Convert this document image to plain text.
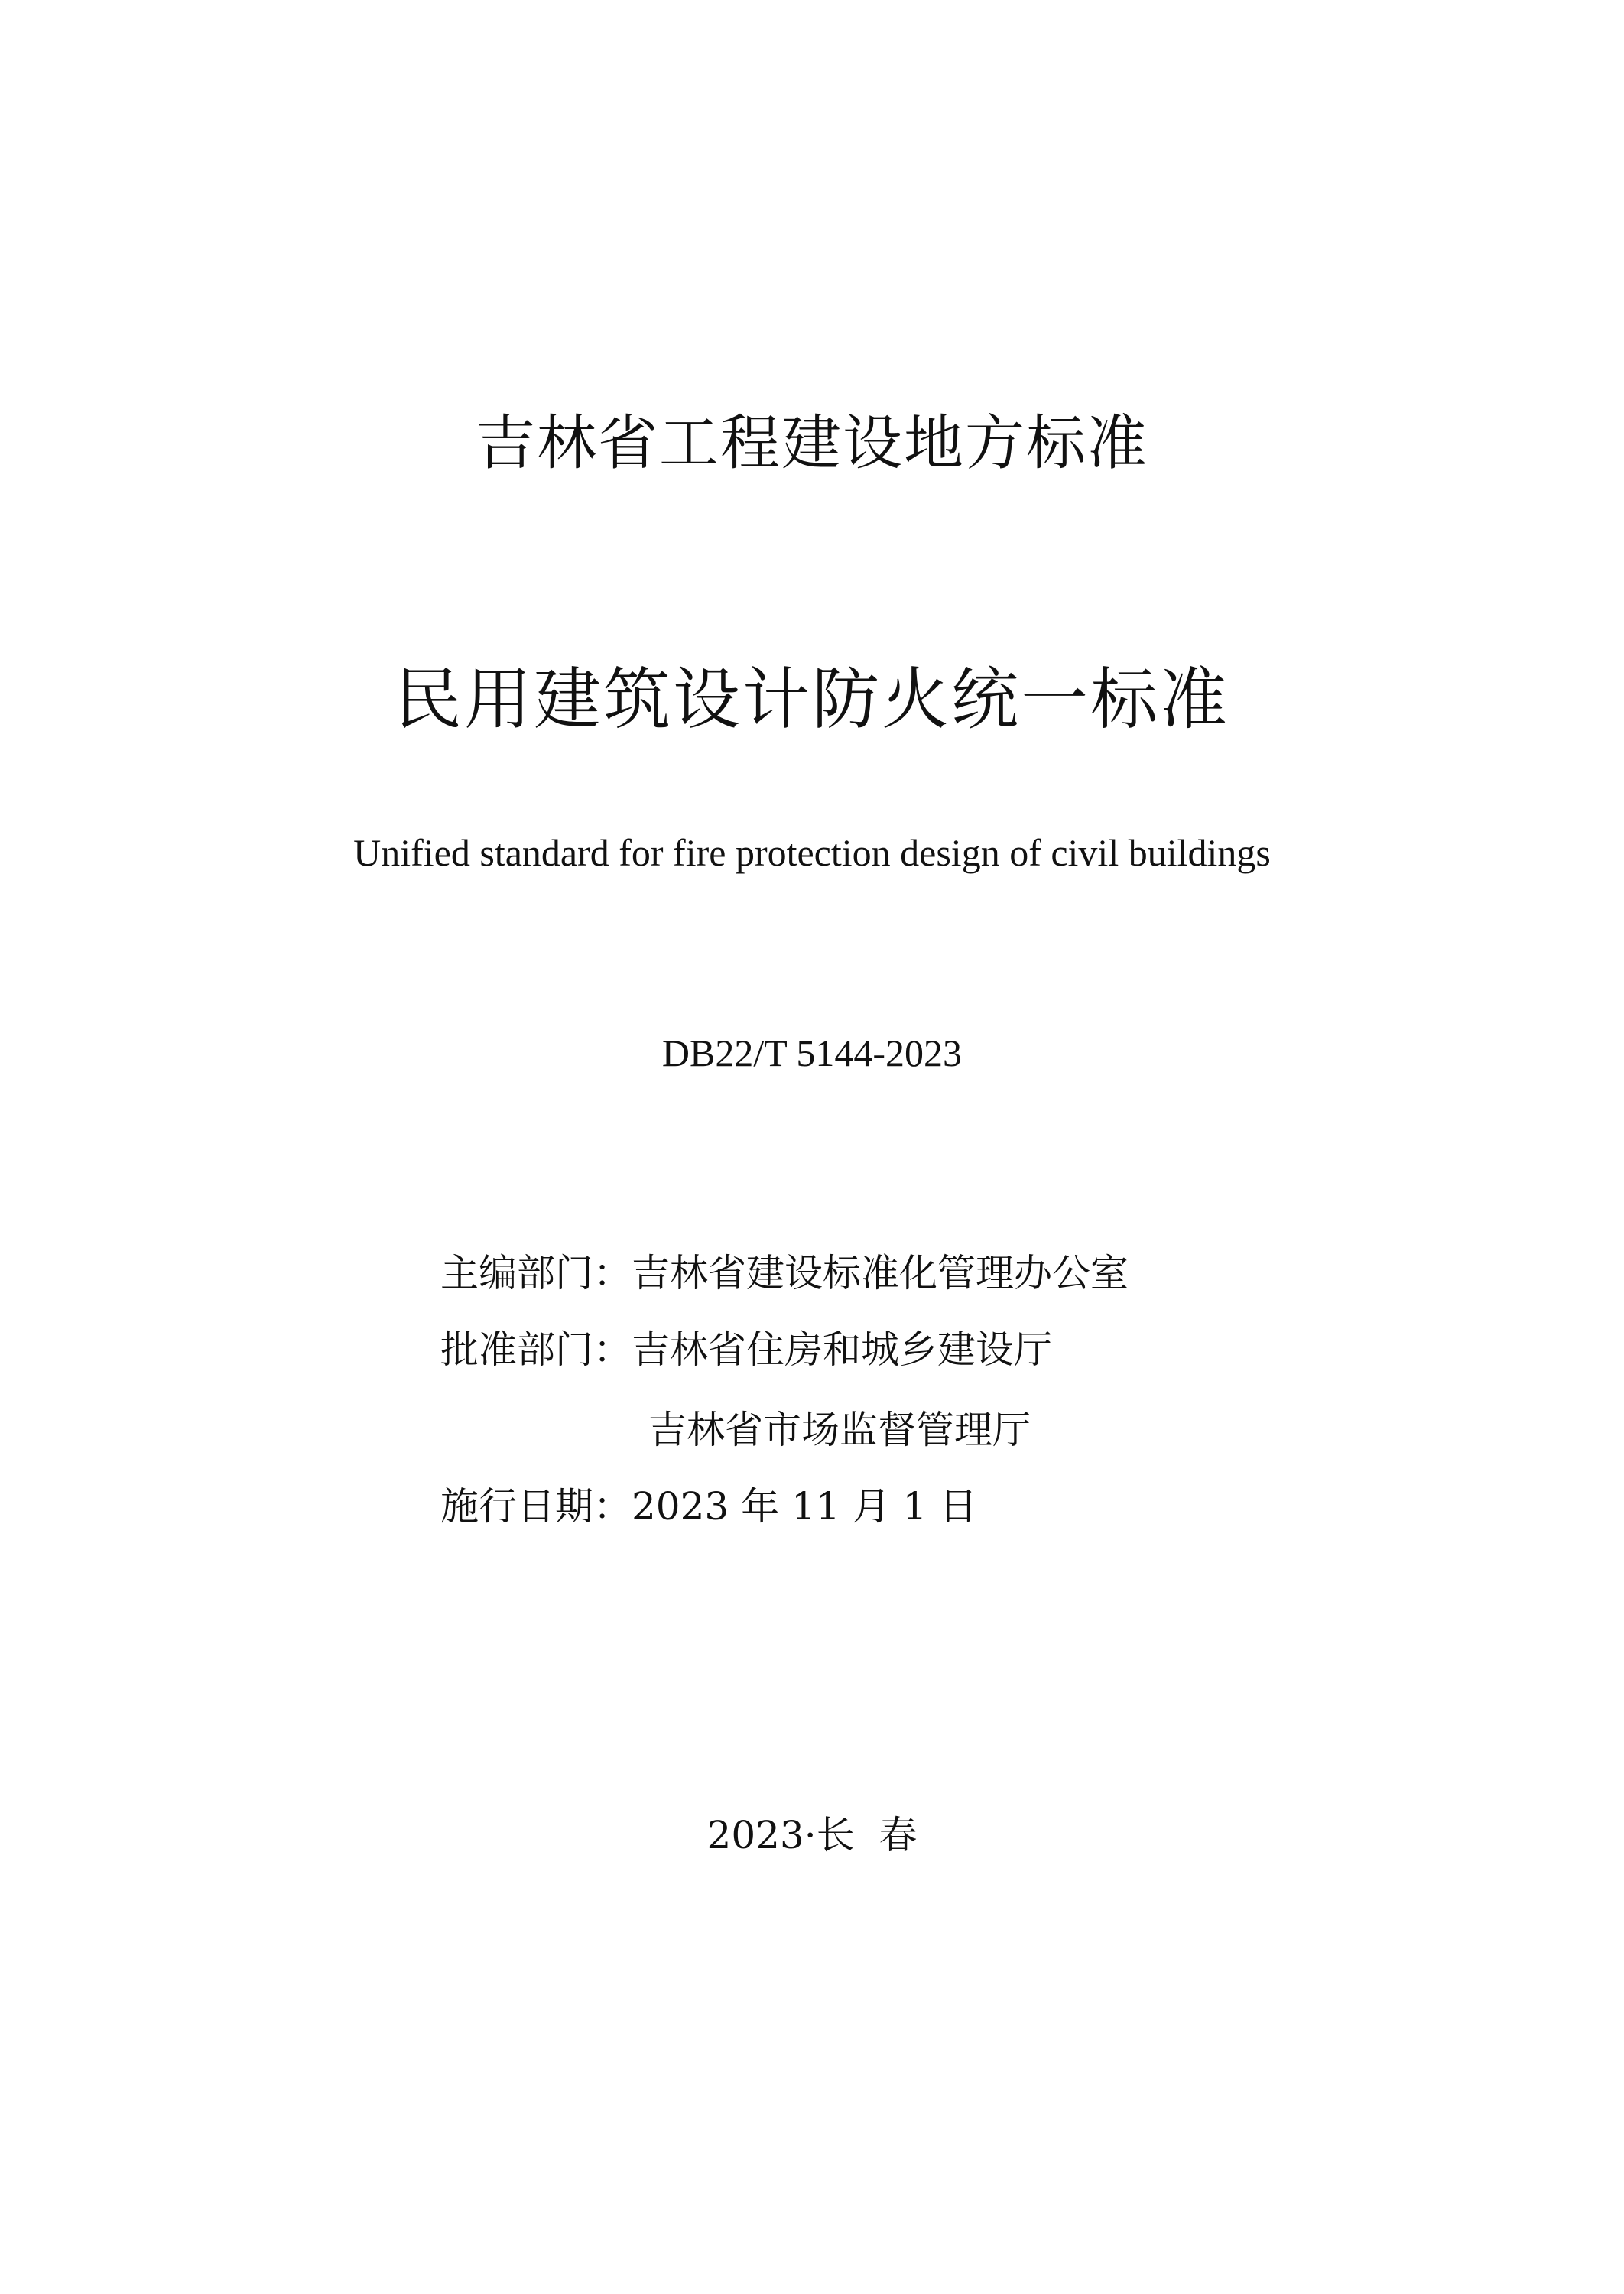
吉林省工程建设地方标准
民用建筑设计防火统一标准
Unified standard for fire protection design of civil buildings
DB22/T 5144-2023
主编部门：吉林省建设标准化管理办公室
批准部门：吉林省住房和城乡建设厅
吉林省市场监督管理厅
施行日期：2023 年 11 月 1 日
2023·长  春
